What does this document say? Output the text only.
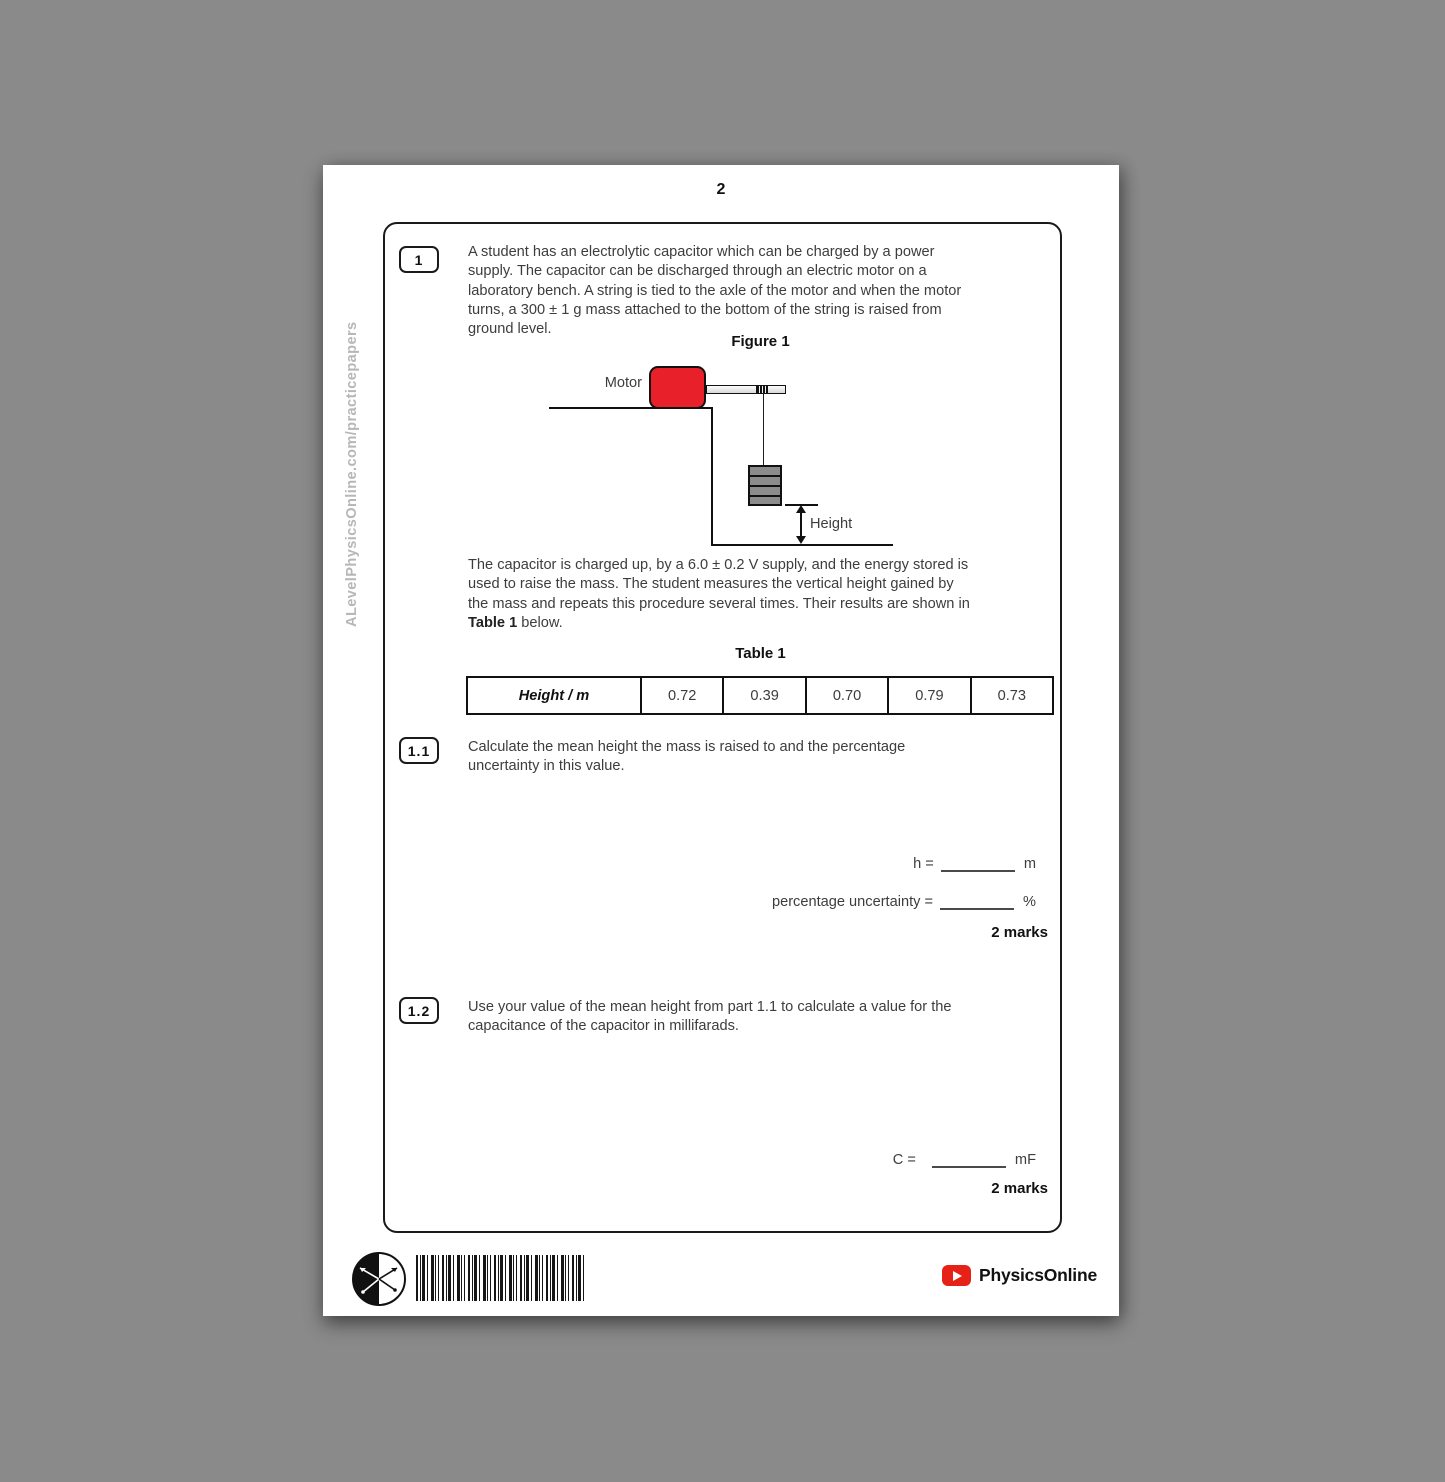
2
ALevelPhysicsOnline.com/practicepapers
1	A student has an electrolytic capacitor which can be charged by a power
supply. The capacitor can be discharged through an electric motor on a
laboratory bench. A string is tied to the axle of the motor and when the motor
turns, a 300 ± 1 g mass attached to the bottom of the string is raised from
ground level.
Figure 1
Motor
Height
The capacitor is charged up, by a 6.0 ± 0.2 V supply, and the energy stored is
used to raise the mass. The student measures the vertical height gained by
the mass and repeats this procedure several times. Their results are shown in
Table 1 below.
Table 1
Height / m	0.72	0.39	0.70	0.79	0.73
1.1	Calculate the mean height the mass is raised to and the percentage
uncertainty in this value.
h =	m
percentage uncertainty =	%
2 marks
1.2	Use your value of the mean height from part 1.1 to calculate a value for the
capacitance of the capacitor in millifarads.
C =	mF
2 marks
PhysicsOnline
